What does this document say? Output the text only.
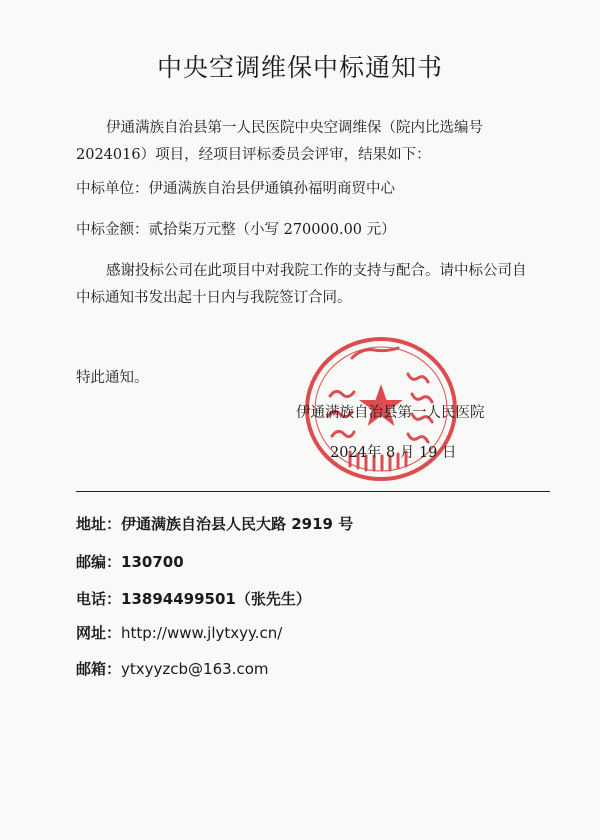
中央空调维保中标通知书
伊通满族自治县第一人民医院中央空调维保（院内比选编号2024016）项目，经项目评标委员会评审，结果如下：
中标单位：伊通满族自治县伊通镇孙福明商贸中心
中标金额：贰拾柒万元整（小写 270000.00 元）
感谢投标公司在此项目中对我院工作的支持与配合。请中标公司自中标通知书发出起十日内与我院签订合同。
特此通知。
伊通满族自治县第一人民医院
2024年 8 月 19 日
地址：伊通满族自治县人民大路 2919 号
邮编：130700
电话：13894499501（张先生）
网址：http://www.jlytxyy.cn/
邮箱：ytxyyzcb@163.com
